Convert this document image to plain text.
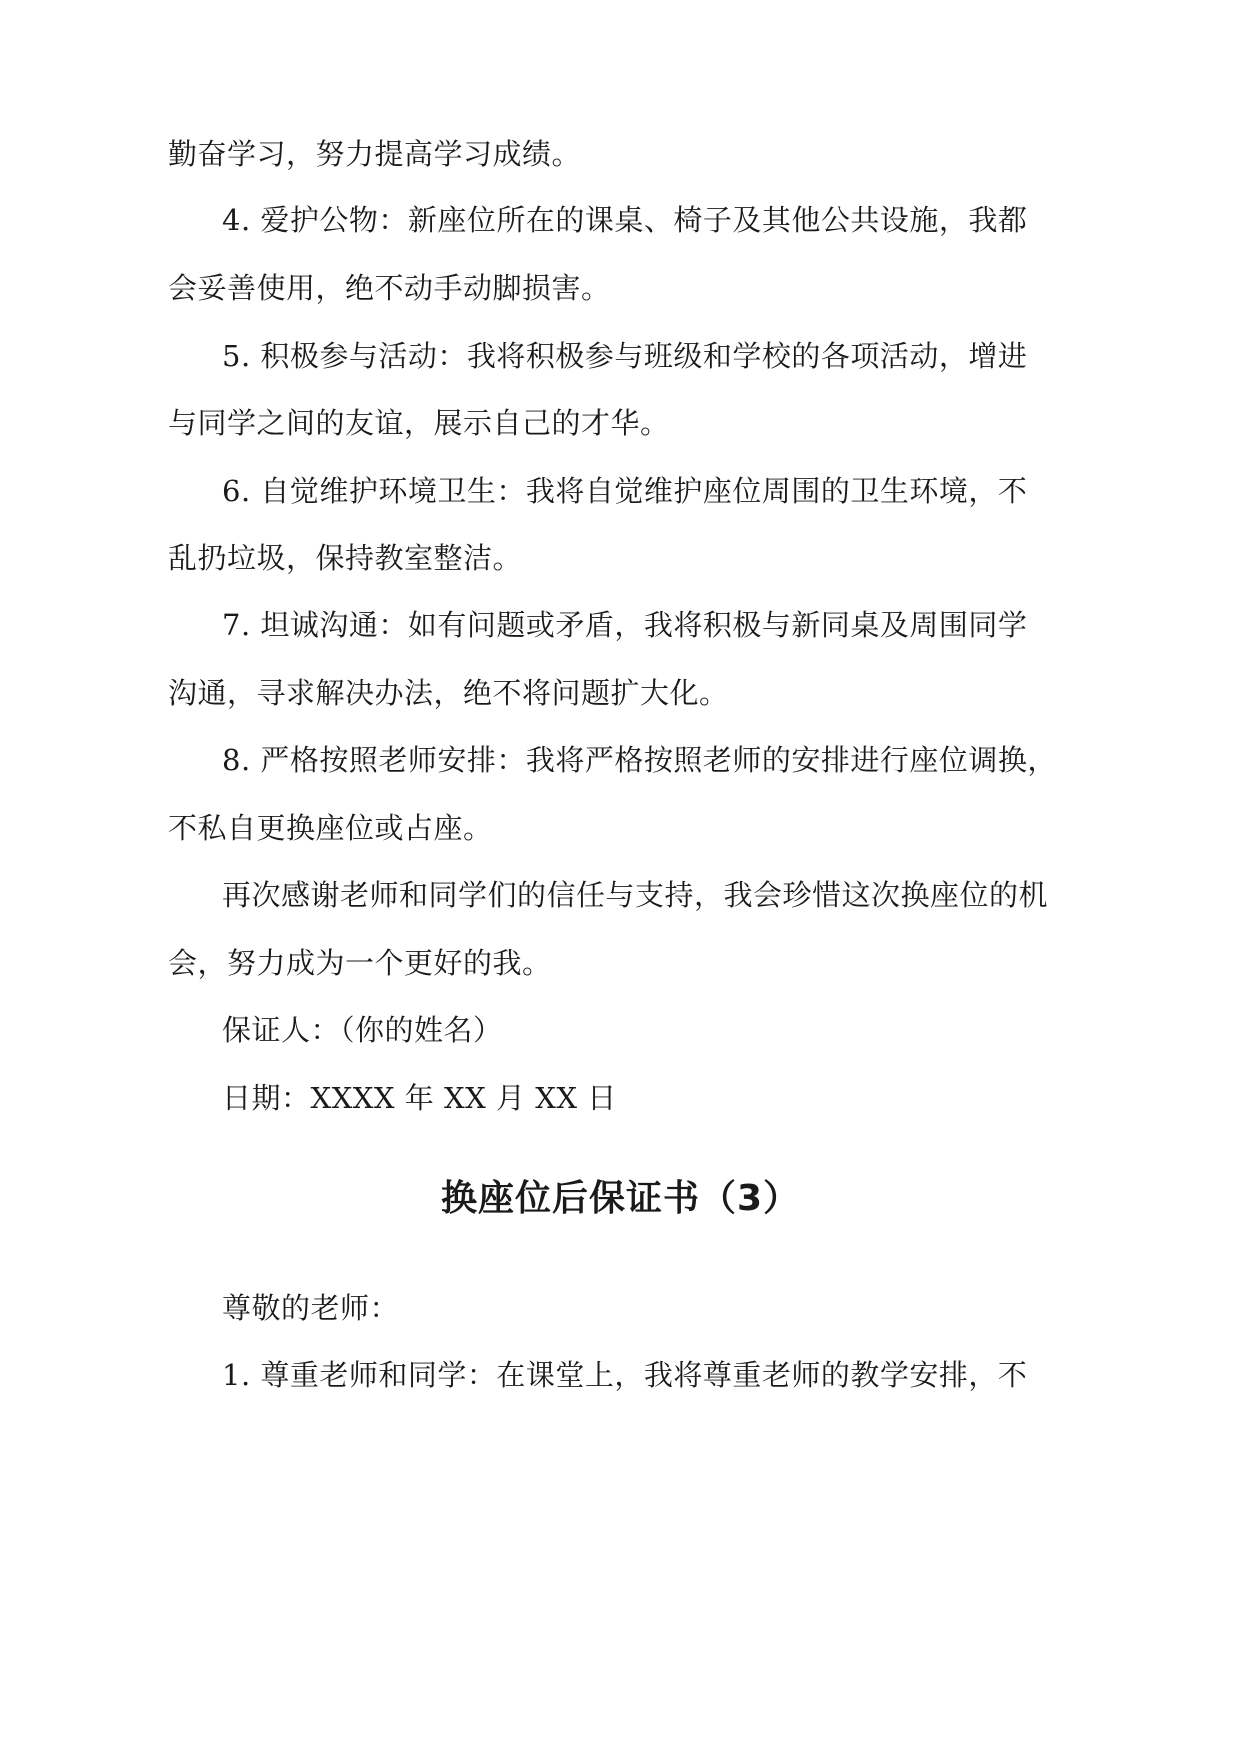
勤奋学习，努力提高学习成绩。
4. 爱护公物：新座位所在的课桌、椅子及其他公共设施，我都
会妥善使用，绝不动手动脚损害。
5. 积极参与活动：我将积极参与班级和学校的各项活动，增进
与同学之间的友谊，展示自己的才华。
6. 自觉维护环境卫生：我将自觉维护座位周围的卫生环境，不
乱扔垃圾，保持教室整洁。
7. 坦诚沟通：如有问题或矛盾，我将积极与新同桌及周围同学
沟通，寻求解决办法，绝不将问题扩大化。
8. 严格按照老师安排：我将严格按照老师的安排进行座位调换，
不私自更换座位或占座。
再次感谢老师和同学们的信任与支持，我会珍惜这次换座位的机
会，努力成为一个更好的我。
保证人：（你的姓名）
日期：XXXX 年 XX 月 XX 日
换座位后保证书（3）
尊敬的老师：
1. 尊重老师和同学：在课堂上，我将尊重老师的教学安排，不
